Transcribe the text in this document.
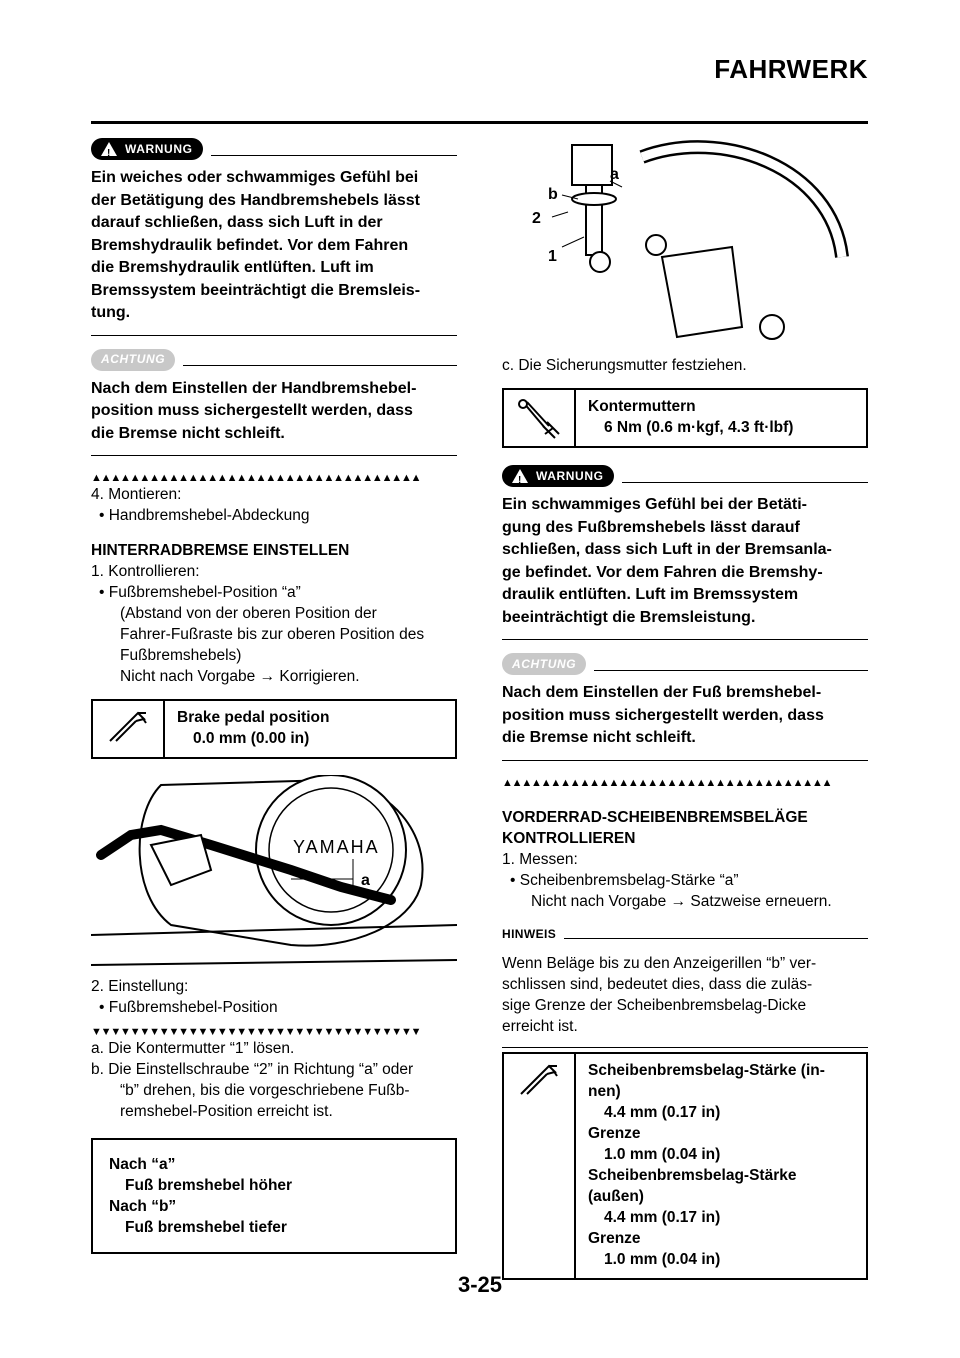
FAHRWERK
!
WARNUNG
Ein weiches oder schwammiges Gefühl bei
der Betätigung des Handbremshebels lässt
darauf schließen, dass sich Luft in der
Bremshydraulik befindet. Vor dem Fahren
die Bremshydraulik entlüften. Luft im
Bremssystem beeinträchtigt die Bremsleis-
tung.
ACHTUNG
Nach dem Einstellen der Handbremshebel-
position muss sichergestellt werden, dass
die Bremse nicht schleift.
▲▲▲▲▲▲▲▲▲▲▲▲▲▲▲▲▲▲▲▲▲▲▲▲▲▲▲▲▲▲▲▲▲▲
4. Montieren:
• Handbremshebel-Abdeckung
HINTERRADBREMSE EINSTELLEN
1. Kontrollieren:
• Fußbremshebel-Position “a”
(Abstand von der oberen Position der
Fahrer-Fußraste bis zur oberen Position des
Fußbremshebels)
Nicht nach Vorgabe → Korrigieren.
Brake pedal position
0.0 mm (0.00 in)
YAMAHA
a
2. Einstellung:
• Fußbremshebel-Position
▼▼▼▼▼▼▼▼▼▼▼▼▼▼▼▼▼▼▼▼▼▼▼▼▼▼▼▼▼▼▼▼▼▼
a. Die Kontermutter “1” lösen.
b. Die Einstellschraube “2” in Richtung “a” oder
“b” drehen, bis die vorgeschriebene Fußb-
remshebel-Position erreicht ist.
Nach “a”
Fuß bremshebel höher
Nach “b”
Fuß bremshebel tiefer
a
b
2
1
c. Die Sicherungsmutter festziehen.
Kontermuttern
6 Nm (0.6 m·kgf, 4.3 ft·lbf)
!
WARNUNG
Ein schwammiges Gefühl bei der Betäti-
gung des Fußbremshebels lässt darauf
schließen, dass sich Luft in der Bremsanla-
ge befindet. Vor dem Fahren die Bremshy-
draulik entlüften. Luft im Bremssystem
beeinträchtigt die Bremsleistung.
ACHTUNG
Nach dem Einstellen der Fuß bremshebel-
position muss sichergestellt werden, dass
die Bremse nicht schleift.
▲▲▲▲▲▲▲▲▲▲▲▲▲▲▲▲▲▲▲▲▲▲▲▲▲▲▲▲▲▲▲▲▲▲
VORDERRAD-SCHEIBENBREMSBELÄGE
KONTROLLIEREN
1. Messen:
• Scheibenbremsbelag-Stärke “a”
Nicht nach Vorgabe → Satzweise erneuern.
HINWEIS
Wenn Beläge bis zu den Anzeigerillen “b” ver-
schlissen sind, bedeutet dies, dass die zuläs-
sige Grenze der Scheibenbremsbelag-Dicke
erreicht ist.
Scheibenbremsbelag-Stärke (in-
nen)
4.4 mm (0.17 in)
Grenze
1.0 mm (0.04 in)
Scheibenbremsbelag-Stärke
(außen)
4.4 mm (0.17 in)
Grenze
1.0 mm (0.04 in)
3-25
